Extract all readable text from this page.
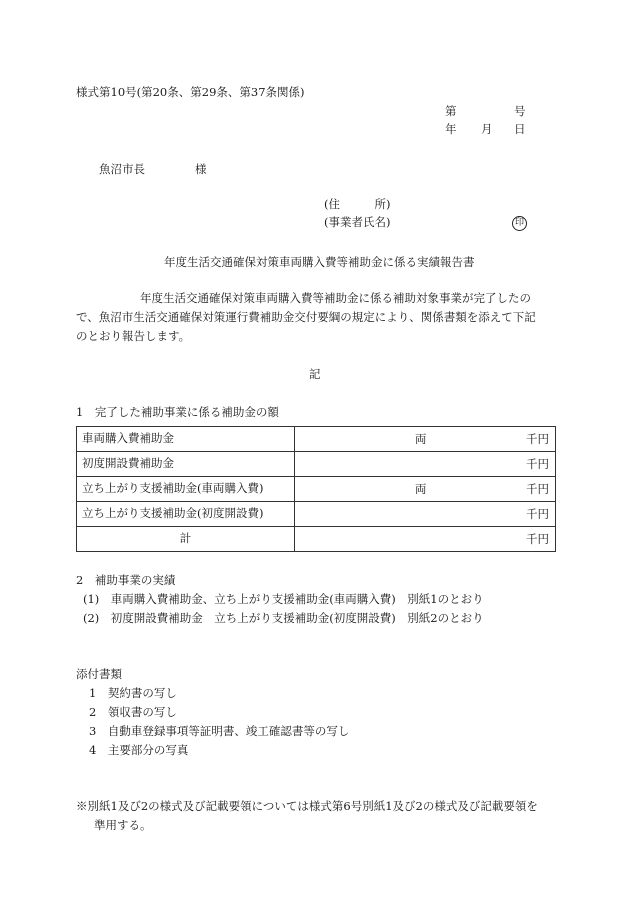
様式第10号(第20条、第29条、第37条関係)
第	号
年 月 日
魚沼市長	様
(住　　　所)
(事業者氏名)	印
年度生活交通確保対策車両購入費等補助金に係る実績報告書
年度生活交通確保対策車両購入費等補助金に係る補助対象事業が完了したの
で、魚沼市生活交通確保対策運行費補助金交付要綱の規定により、関係書類を添えて下記
のとおり報告します。
記
1　完了した補助事業に係る補助金の額
車両購入費補助金	両 千円

初度開設費補助金	千円

立ち上がり支援補助金(車両購入費)	両 千円

立ち上がり支援補助金(初度開設費)	千円

計	千円
2　補助事業の実績
(1)　車両購入費補助金、立ち上がり支援補助金(車両購入費)　別紙1のとおり
(2)　初度開設費補助金　立ち上がり支援補助金(初度開設費)　別紙2のとおり
添付書類
1　契約書の写し
2　領収書の写し
3　自動車登録事項等証明書、竣工確認書等の写し
4　主要部分の写真
※別紙1及び2の様式及び記載要領については様式第6号別紙1及び2の様式及び記載要領を
準用する。
